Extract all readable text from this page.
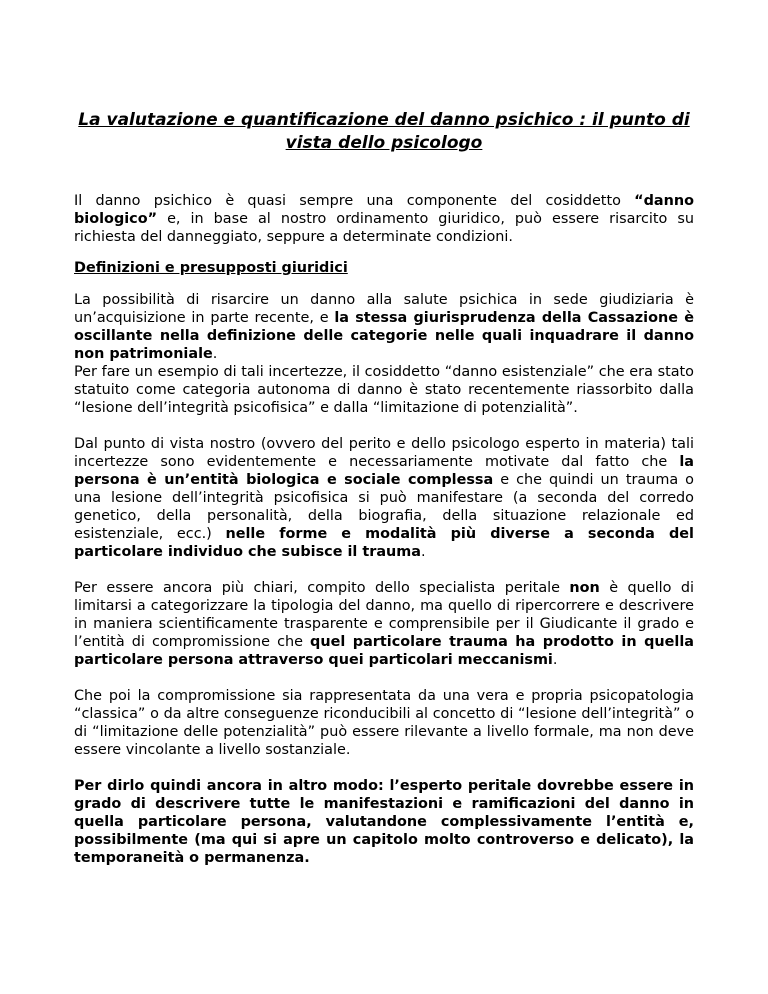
La valutazione e quantificazione del danno psichico : il punto di vista dello psicologo

Il danno psichico è quasi sempre una componente del cosiddetto “danno biologico” e, in base al nostro ordinamento giuridico, può essere risarcito su richiesta del danneggiato, seppure a determinate condizioni.

Definizioni e presupposti giuridici

La possibilità di risarcire un danno alla salute psichica in sede giudiziaria è un’acquisizione in parte recente, e la stessa giurisprudenza della Cassazione è oscillante nella definizione delle categorie nelle quali inquadrare il danno non patrimoniale.

Per fare un esempio di tali incertezze, il cosiddetto “danno esistenziale” che era stato statuito come categoria autonoma di danno è stato recentemente riassorbito dalla “lesione dell’integrità psicofisica” e dalla “limitazione di potenzialità”.

Dal punto di vista nostro (ovvero del perito e dello psicologo esperto in materia) tali incertezze sono evidentemente e necessariamente motivate dal fatto che la persona è un’entità biologica e sociale complessa e che quindi un trauma o una lesione dell’integrità psicofisica si può manifestare (a seconda del corredo genetico, della personalità, della biografia, della situazione relazionale ed esistenziale, ecc.) nelle forme e modalità più diverse a seconda del particolare individuo che subisce il trauma.

Per essere ancora più chiari, compito dello specialista peritale non è quello di limitarsi a categorizzare la tipologia del danno, ma quello di ripercorrere e descrivere in maniera scientificamente trasparente e comprensibile per il Giudicante il grado e l’entità di compromissione che quel particolare trauma ha prodotto in quella particolare persona attraverso quei particolari meccanismi.

Che poi la compromissione sia rappresentata da una vera e propria psicopatologia “classica” o da altre conseguenze riconducibili al concetto di “lesione dell’integrità” o di “limitazione delle potenzialità” può essere rilevante a livello formale, ma non deve essere vincolante a livello sostanziale.

Per dirlo quindi ancora in altro modo: l’esperto peritale dovrebbe essere in grado di descrivere tutte le manifestazioni e ramificazioni del danno in quella particolare persona, valutandone complessivamente l’entità e, possibilmente (ma qui si apre un capitolo molto controverso e delicato), la temporaneità o permanenza.
